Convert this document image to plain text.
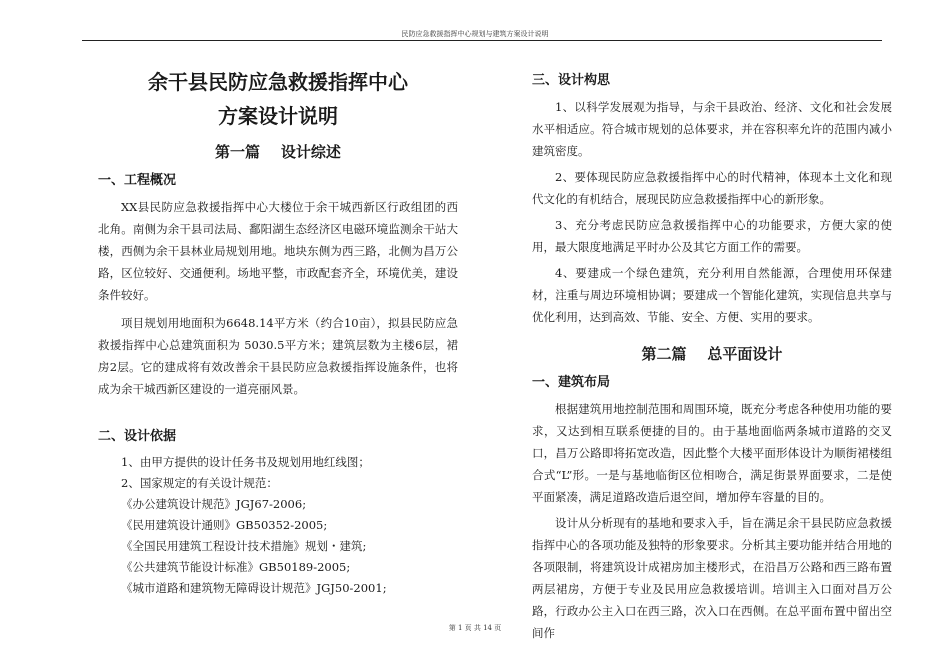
民防应急救援指挥中心规划与建筑方案设计说明
余干县民防应急救援指挥中心
方案设计说明
第一篇    设计综述
一、工程概况

XX县民防应急救援指挥中心大楼位于余干城西新区行政组团的西北角。南侧为余干县司法局、鄱阳湖生态经济区电磁环境监测余干站大楼，西侧为余干县林业局规划用地。地块东侧为西三路，北侧为昌万公路，区位较好、交通便利。场地平整，市政配套齐全，环境优美，建设条件较好。

项目规划用地面积为6648.14平方米（约合10亩），拟县民防应急救援指挥中心总建筑面积为 5030.5平方米；建筑层数为主楼6层，裙房2层。它的建成将有效改善余干县民防应急救援指挥设施条件，也将成为余干城西新区建设的一道亮丽风景。

二、设计依据

1、由甲方提供的设计任务书及规划用地红线图；

2、国家规定的有关设计规范：

《办公建筑设计规范》JGJ67-2006;

《民用建筑设计通则》GB50352-2005;

《全国民用建筑工程设计技术措施》规划・建筑;

《公共建筑节能设计标准》GB50189-2005;

《城市道路和建筑物无障碍设计规范》JGJ50-2001;

三、设计构思

1、以科学发展观为指导，与余干县政治、经济、文化和社会发展水平相适应。符合城市规划的总体要求，并在容积率允许的范围内减小建筑密度。

2、要体现民防应急救援指挥中心的时代精神，体现本土文化和现代文化的有机结合，展现民防应急救援指挥中心的新形象。

3、充分考虑民防应急救援指挥中心的功能要求，方便大家的使用，最大限度地满足平时办公及其它方面工作的需要。

4、要建成一个绿色建筑，充分利用自然能源，合理使用环保建材，注重与周边环境相协调；要建成一个智能化建筑，实现信息共享与优化利用，达到高效、节能、安全、方便、实用的要求。

第二篇    总平面设计
一、建筑布局

根据建筑用地控制范围和周围环境，既充分考虑各种使用功能的要求，又达到相互联系便捷的目的。由于基地面临两条城市道路的交叉口，昌万公路即将拓宽改造，因此整个大楼平面形体设计为顺街裙楼组合式“L”形。一是与基地临街区位相吻合，满足街景界面要求，二是使平面紧凑，满足道路改造后退空间，增加停车容量的目的。

设计从分析现有的基地和要求入手，旨在满足余干县民防应急救援指挥中心的各项功能及独特的形象要求。分析其主要功能并结合用地的各项限制，将建筑设计成裙房加主楼形式，在沿昌万公路和西三路布置两层裙房，方便于专业及民用应急救援培训。培训主入口面对昌万公路，行政办公主入口在西三路，次入口在西侧。在总平面布置中留出空间作

第 1 页 共 14 页
